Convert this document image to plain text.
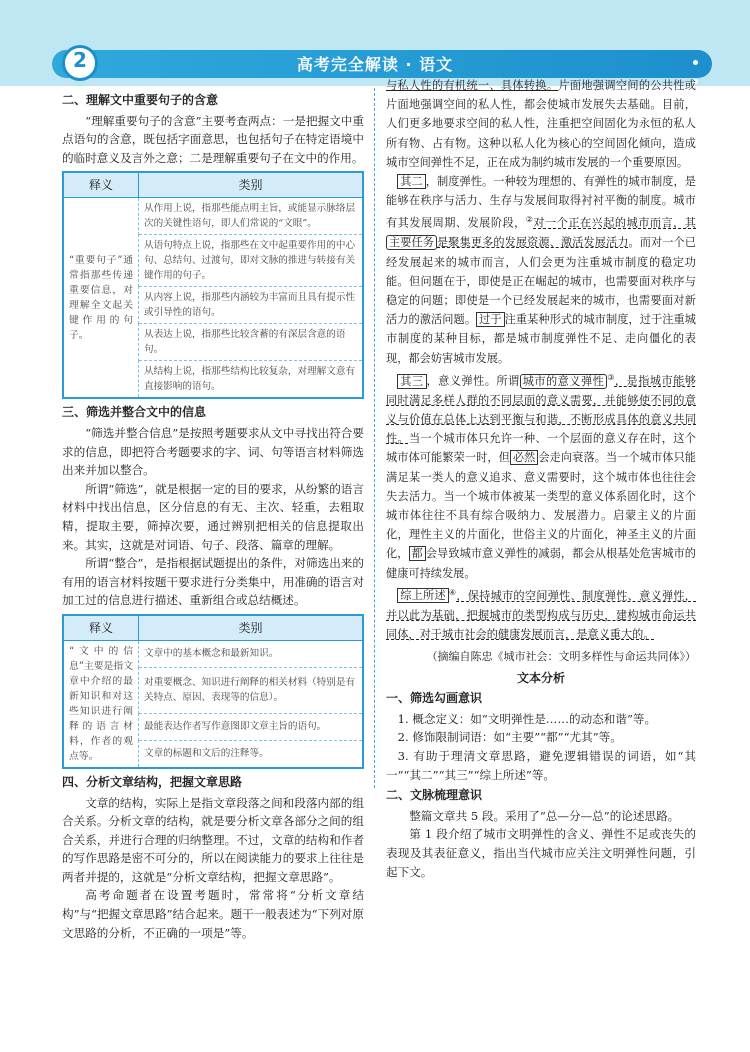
2	高考完全解读 · 语文

二、理解文中重要句子的含意

“理解重要句子的含意”主要考查两点：一是把握文中重点语句的含意，既包括字面意思，也包括句子在特定语境中的临时意义及言外之意；二是理解重要句子在文中的作用。

释义	类别
“重要句子”通常指那些传递重要信息，对理解全文起关键作用的句子。	从作用上说，指那些能点明主旨，或能显示脉络层次的关键性语句，即人们常说的“文眼”。
	从语句特点上说，指那些在文中起重要作用的中心句、总结句、过渡句，即对文脉的推进与转接有关键作用的句子。
	从内容上说，指那些内涵较为丰富而且具有提示性或引导性的语句。
	从表达上说，指那些比较含蓄的有深层含意的语句。
	从结构上说，指那些结构比较复杂，对理解文意有直接影响的语句。
三、筛选并整合文中的信息

“筛选并整合信息”是按照考题要求从文中寻找出符合要求的信息，即把符合考题要求的字、词、句等语言材料筛选出来并加以整合。

所谓“筛选”，就是根据一定的目的要求，从纷繁的语言材料中找出信息，区分信息的有无、主次、轻重，去粗取精，提取主要，筛掉次要，通过辨别把相关的信息提取出来。其实，这就是对词语、句子、段落、篇章的理解。

所谓“整合”，是指根据试题提出的条件，对筛选出来的有用的语言材料按题干要求进行分类集中，用准确的语言对加工过的信息进行描述、重新组合或总结概述。

释义	类别
“文中的信息”主要是指文章中介绍的最新知识和对这些知识进行阐释的语言材料，作者的观点等。	文章中的基本概念和最新知识。
	对重要概念、知识进行阐释的相关材料（特别是有关特点、原因、表现等的信息）。
	最能表达作者写作意图即文章主旨的语句。
	文章的标题和文后的注释等。
四、分析文章结构，把握文章思路

文章的结构，实际上是指文章段落之间和段落内部的组合关系。分析文章的结构，就是要分析文章各部分之间的组合关系，并进行合理的归纳整理。不过，文章的结构和作者的写作思路是密不可分的，所以在阅读能力的要求上往往是两者并提的，这就是“分析文章结构，把握文章思路”。

高考命题者在设置考题时，常常将“分析文章结构”与“把握文章思路”结合起来。题干一般表述为“下列对原文思路的分析，不正确的一项是”等。

与私人性的有机统一、具体转换。片面地强调空间的公共性或片面地强调空间的私人性，都会使城市发展失去基础。目前，人们更多地要求空间的私人性，注重把空间固化为永恒的私人所有物、占有物。这种以私人化为核心的空间固化倾向，造成城市空间弹性不足，正在成为制约城市发展的一个重要原因。

其二 ，制度弹性。一种较为理想的、有弹性的城市制度，是能够在秩序与活力、生存与发展间取得衬衬平衡的制度。城市有其发展周期、发展阶段，②对一个正在兴起的城市而言，其主要任务 是聚集更多的发展资源、激活发展活力。而对一个已经发展起来的城市而言，人们会更为注重城市制度的稳定功能。但问题在于，即使是正在崛起的城市，也需要面对秩序与稳定的问题；即使是一个已经发展起来的城市，也需要面对新活力的激活问题。 过于 注重某种形式的城市制度，过于注重城市制度的某种目标，都是城市制度弹性不足、走向僵化的表现，都会妨害城市发展。

其三 ，意义弹性。所谓 城市的意义弹性 ③，是指城市能够同时满足多样人群的不同层面的意义需要，并能够使不同的意义与价值在总体上达到平衡与和谐，不断形成具体的意义共同性。当一个城市体只允许一种、一个层面的意义存在时，这个城市体可能繁荣一时，但 必然 会走向衰落。当一个城市体只能满足某一类人的意义追求、意义需要时，这个城市体也往往会失去活力。当一个城市体被某一类型的意义体系固化时，这个城市体往往不具有综合吸纳力、发展潜力。启蒙主义的片面化，理性主义的片面化，世俗主义的片面化，神圣主义的片面化， 都 会导致城市意义弹性的减弱，都会从根基处危害城市的健康可持续发展。

综上所述 ④，保持城市的空间弹性、制度弹性、意义弹性，并以此为基础，把握城市的类型构成与历史，建构城市命运共同体，对于城市社会的健康发展而言，是意义重大的。

（摘编自陈忠《城市社会：文明多样性与命运共同体》）
文本分析
一、筛选勾画意识

1. 概念定义：如“文明弹性是……的动态和谐”等。

2. 修饰限制词语：如“主要”“都”“尤其”等。

3. 有助于理清文章思路，避免逻辑错误的词语，如“其一”“其二”“其三”“综上所述”等。

二、文脉梳理意识

整篇文章共 5 段。采用了“总—分—总”的论述思路。

第 1 段介绍了城市文明弹性的含义、弹性不足或丧失的表现及其表征意义，指出当代城市应关注文明弹性问题，引起下文。
